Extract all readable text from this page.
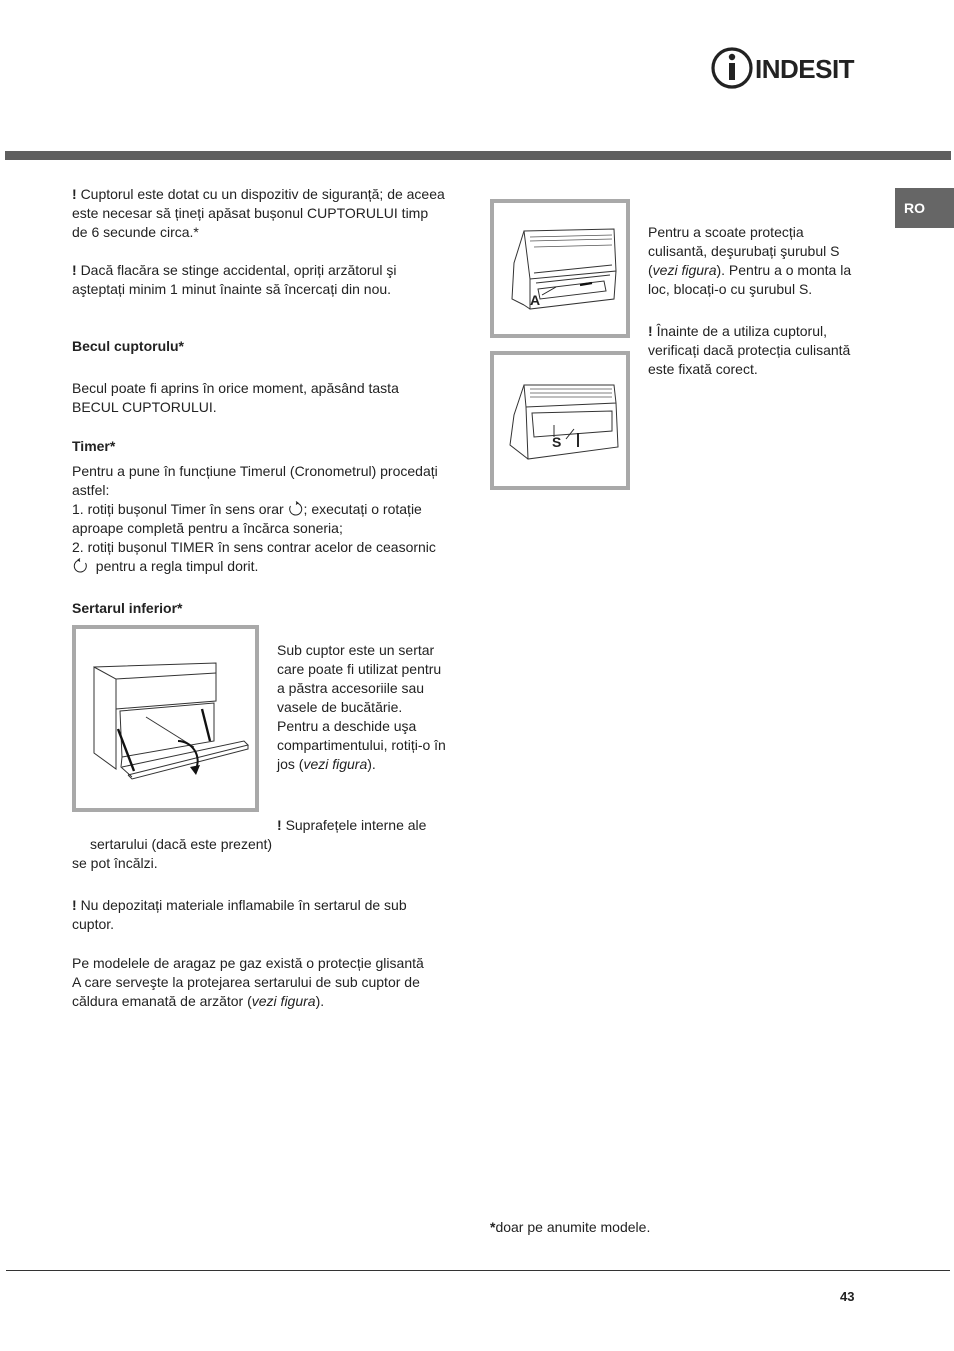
INDESIT
RO

! Cuptorul este dotat cu un dispozitiv de siguranță; de aceea este necesar să țineți apăsat bușonul CUPTORULUI timp de 6 secunde circa.*

! Dacă flacăra se stinge accidental, opriți arzătorul şi aşteptați minim 1 minut înainte să încercați din nou.

Becul cuptorulu*
Becul poate fi aprins în orice moment, apăsând tasta BECUL CUPTORULUI.
Timer*

Pentru a pune în funcțiune Timerul (Cronometrul) procedați astfel:

1. rotiți bușonul Timer în sens orar ; executați o rotație aproape completă pentru a încărca soneria;

2. rotiți bușonul TIMER în sens contrar acelor de ceasornic   pentru a regla timpul dorit.

Sertarul inferior*

Sub cuptor este un sertar care poate fi utilizat pentru a păstra accesoriile sau vasele de bucătărie. Pentru a deschide uşa compartimentului, rotiți-o în jos (vezi figura).

! Suprafețele interne ale
sertarului (dacă este prezent)
se pot încălzi.

! Nu depozitați materiale inflamabile în sertarul de sub cuptor.

Pe modelele de aragaz pe gaz există o protecție glisantă A care serveşte la protejarea sertarului de sub cuptor de căldura emanată de arzător (vezi figura).

A
S

Pentru a scoate protecția culisantă, deşurubați şurubul S (vezi figura). Pentru a o monta la loc, blocați-o cu şurubul S.

! Înainte de a utiliza cuptorul, verificați dacă protecția culisantă este fixată corect.

*doar pe anumite modele.
43
